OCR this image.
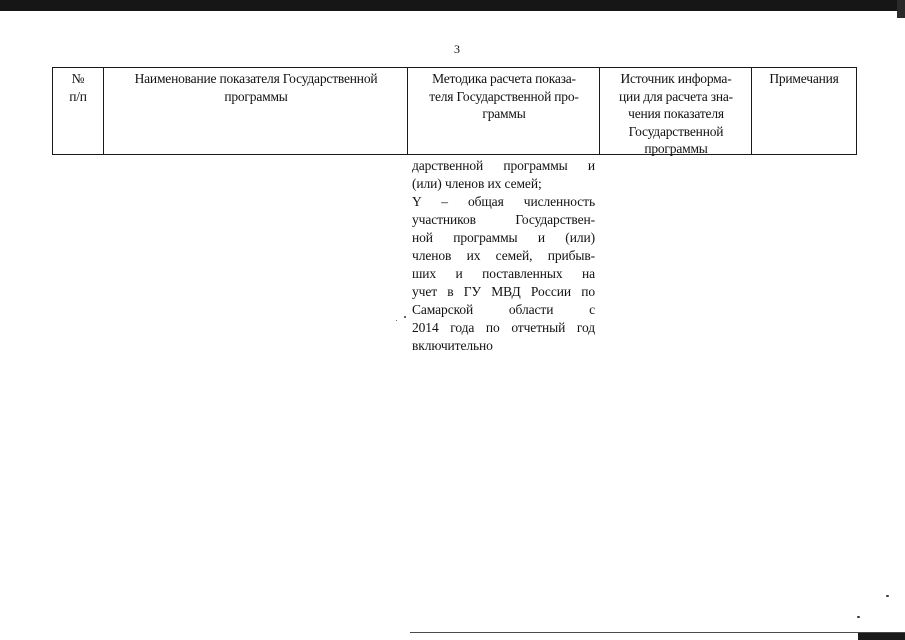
3
№
п/п
Наименование показателя Государственной
программы
Методика расчета показа-
теля Государственной про-
граммы
Источник информа-
ции для расчета зна-
чения показателя
Государственной
программы
Примечания
дарственной программы и
(или) членов их семей;
Y – общая численность
участников Государствен-
ной программы и (или)
членов их семей, прибыв-
ших и поставленных на
учет в ГУ МВД России по
Самарской области с
2014 года по отчетный год
включительно
